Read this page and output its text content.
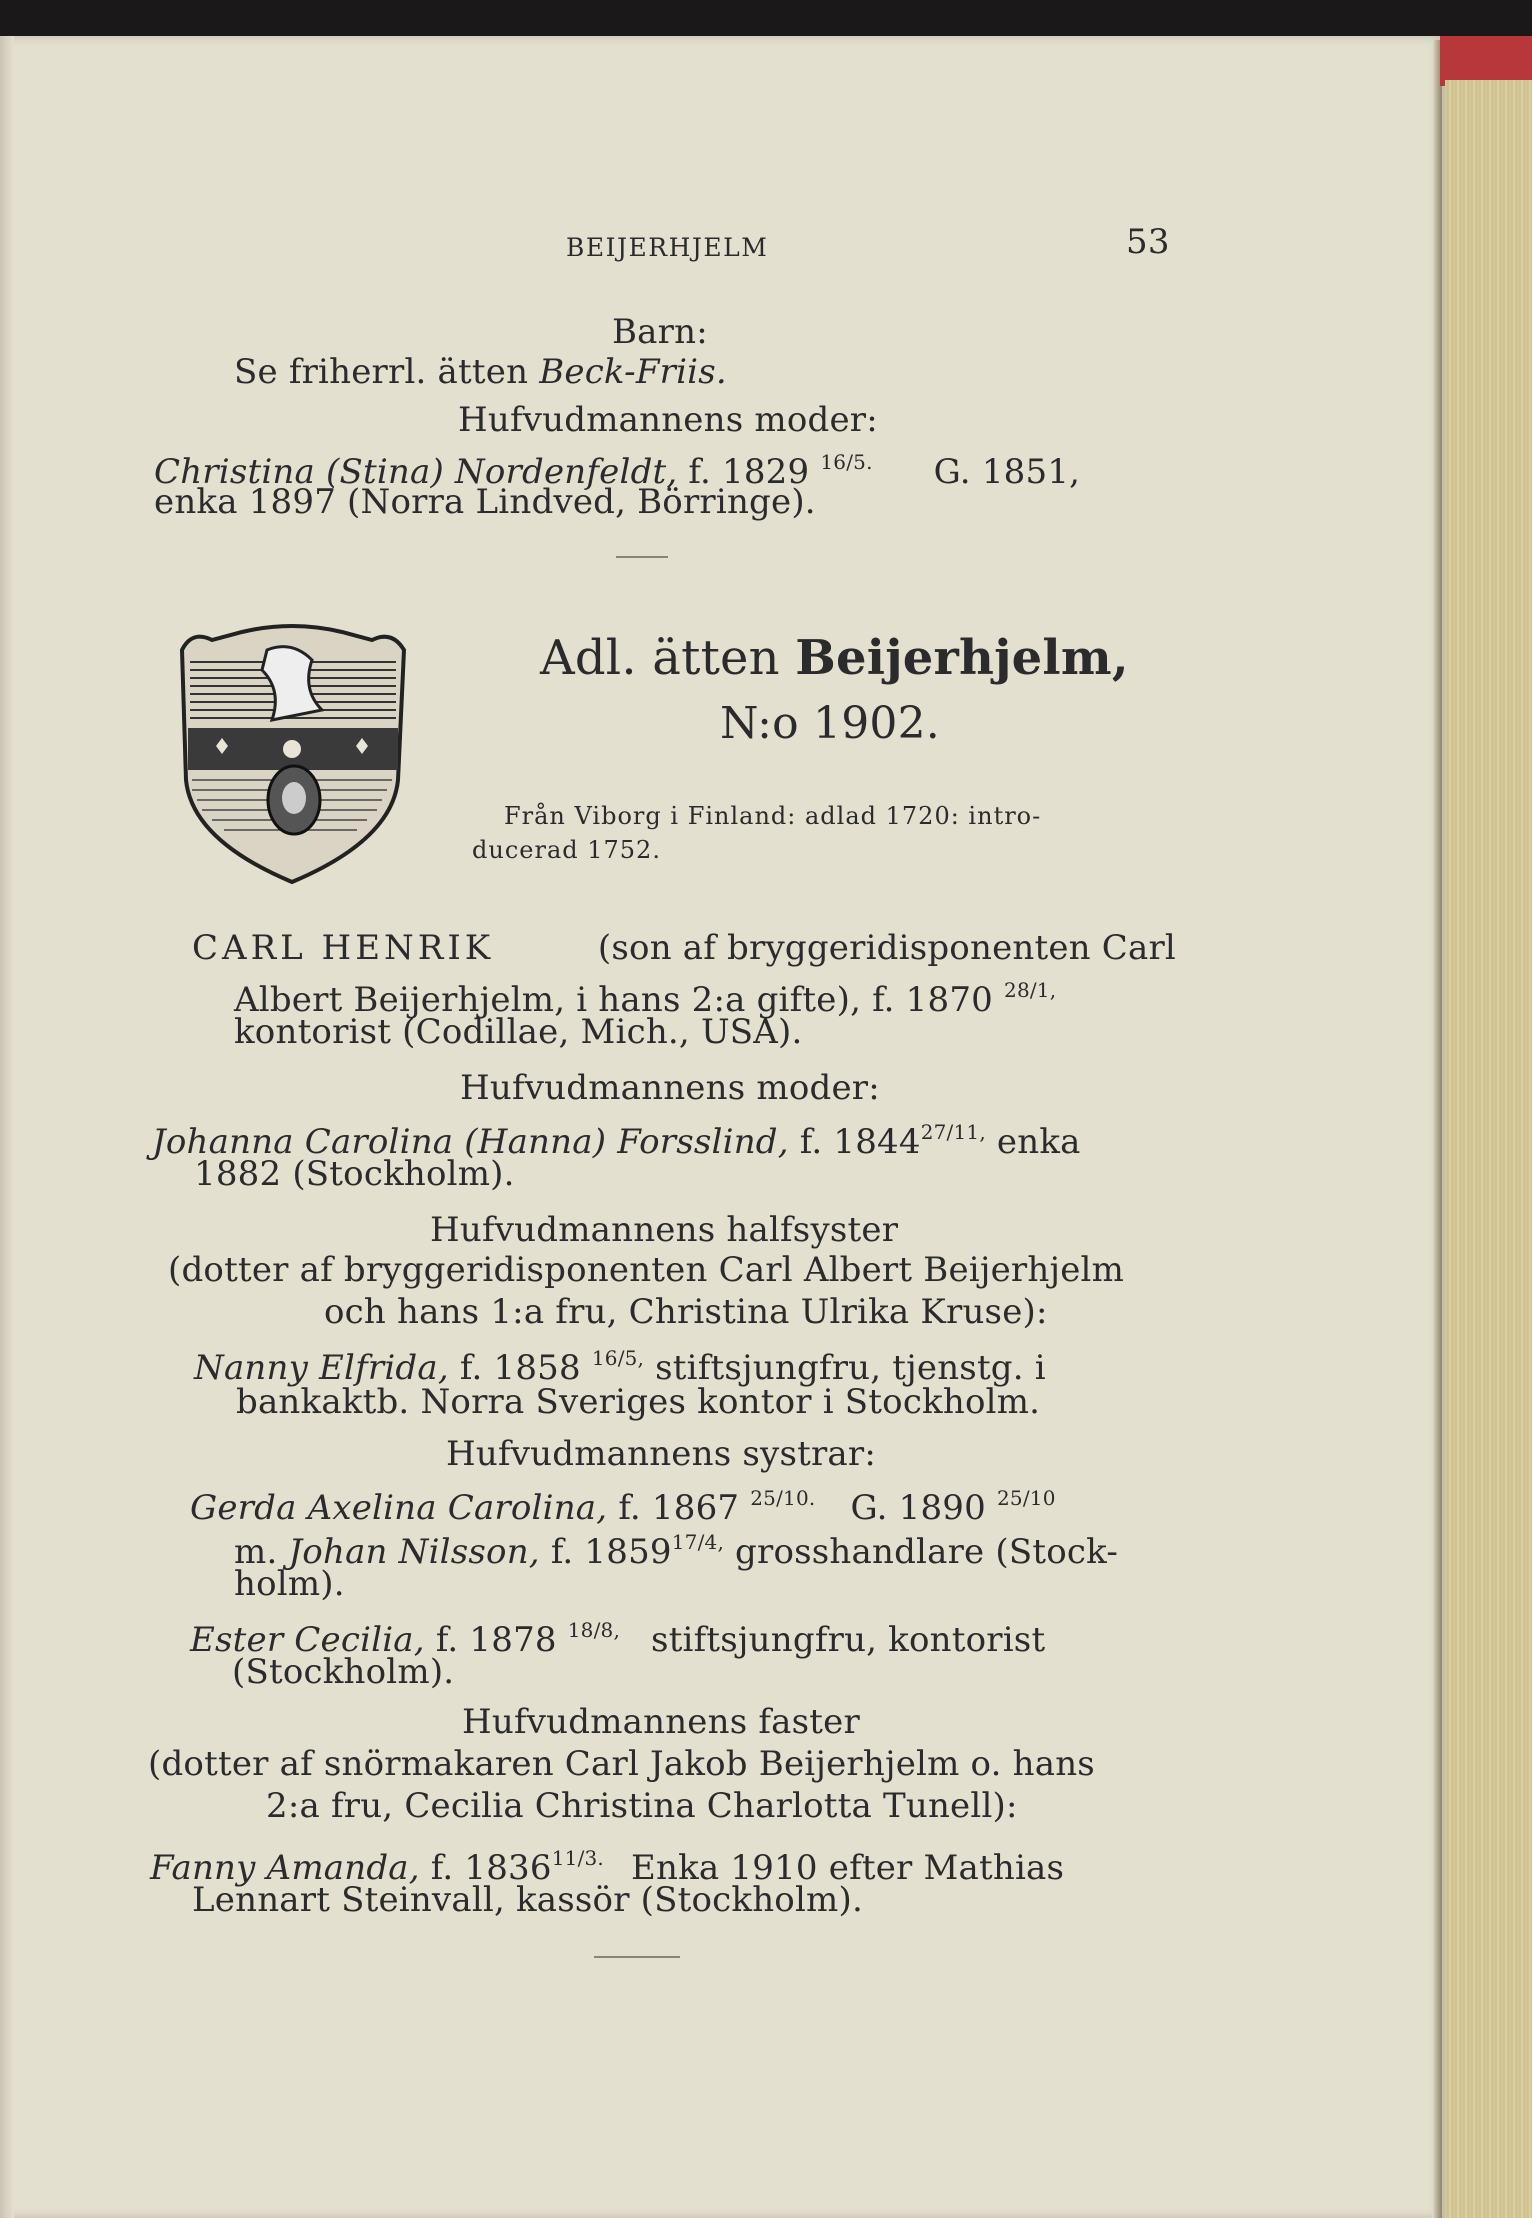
BEIJERHJELM	53
Barn:
Se friherrl. ätten Beck-Friis.
Hufvudmannens moder:
Christina (Stina) Nordenfeldt, f. 1829 $^{16/5.}$ G. 1851,
enka 1897 (Norra Lindved, Börringe).
Adl. ätten Beijerhjelm,
N:o 1902.
Från Viborg i Finland: adlad 1720: intro-
ducerad 1752.
CARL HENRIK	(son af bryggeridisponenten Carl
Albert Beijerhjelm, i hans 2:a gifte), f. 1870 $^{28/1,}$
kontorist (Codillae, Mich., USA).
Hufvudmannens moder:
Johanna Carolina (Hanna) Forsslind, f. $1844^{27/11,}$ enka
1882 (Stockholm).
Hufvudmannens halfsyster
(dotter af bryggeridisponenten Carl Albert Beijerhjelm
och hans 1:a fru, Christina Ulrika Kruse):
Nanny Elfrida, f. 1858 $^{16/5,}$ stiftsjungfru, tjenstg. i
bankaktb. Norra Sveriges kontor i Stockholm.
Hufvudmannens systrar:
Gerda Axelina Carolina, f. 1867 $^{25/10.}$ G. 1890 $^{25/10}$
m. Johan Nilsson, f. $1859^{17/4,}$ grosshandlare (Stock-
holm).
Ester Cecilia, f. 1878 $^{18/8,}$ stiftsjungfru, kontorist
(Stockholm).
Hufvudmannens faster
(dotter af snörmakaren Carl Jakob Beijerhjelm o. hans
2:a fru, Cecilia Christina Charlotta Tunell):
Fanny Amanda, f. $1836^{11/3.}$ Enka 1910 efter Mathias
Lennart Steinvall, kassör (Stockholm).
